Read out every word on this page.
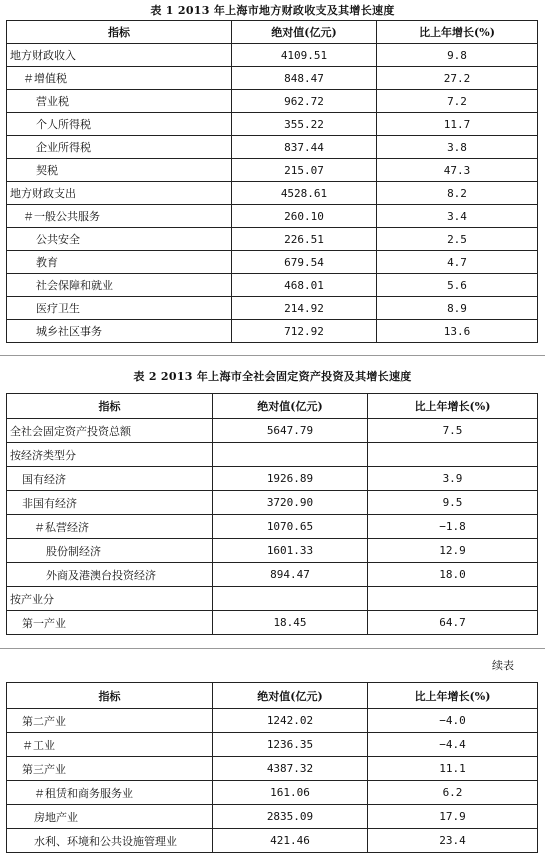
表 1 2013 年上海市地方财政收支及其增长速度
指标	绝对值(亿元)	比上年增长(%)
地方财政收入	4109.51	9.8
＃增值税	848.47	27.2
营业税	962.72	7.2
个人所得税	355.22	11.7
企业所得税	837.44	3.8
契税	215.07	47.3
地方财政支出	4528.61	8.2
＃一般公共服务	260.10	3.4
公共安全	226.51	2.5
教育	679.54	4.7
社会保障和就业	468.01	5.6
医疗卫生	214.92	8.9
城乡社区事务	712.92	13.6
表 2 2013 年上海市全社会固定资产投资及其增长速度
指标	绝对值(亿元)	比上年增长(%)
全社会固定资产投资总额	5647.79	7.5
按经济类型分		
国有经济	1926.89	3.9
非国有经济	3720.90	9.5
＃私营经济	1070.65	−1.8
股份制经济	1601.33	12.9
外商及港澳台投资经济	894.47	18.0
按产业分		
第一产业	18.45	64.7
续表
指标	绝对值(亿元)	比上年增长(%)
第二产业	1242.02	−4.0
＃工业	1236.35	−4.4
第三产业	4387.32	11.1
＃租赁和商务服务业	161.06	6.2
房地产业	2835.09	17.9
水利、环境和公共设施管理业	421.46	23.4
